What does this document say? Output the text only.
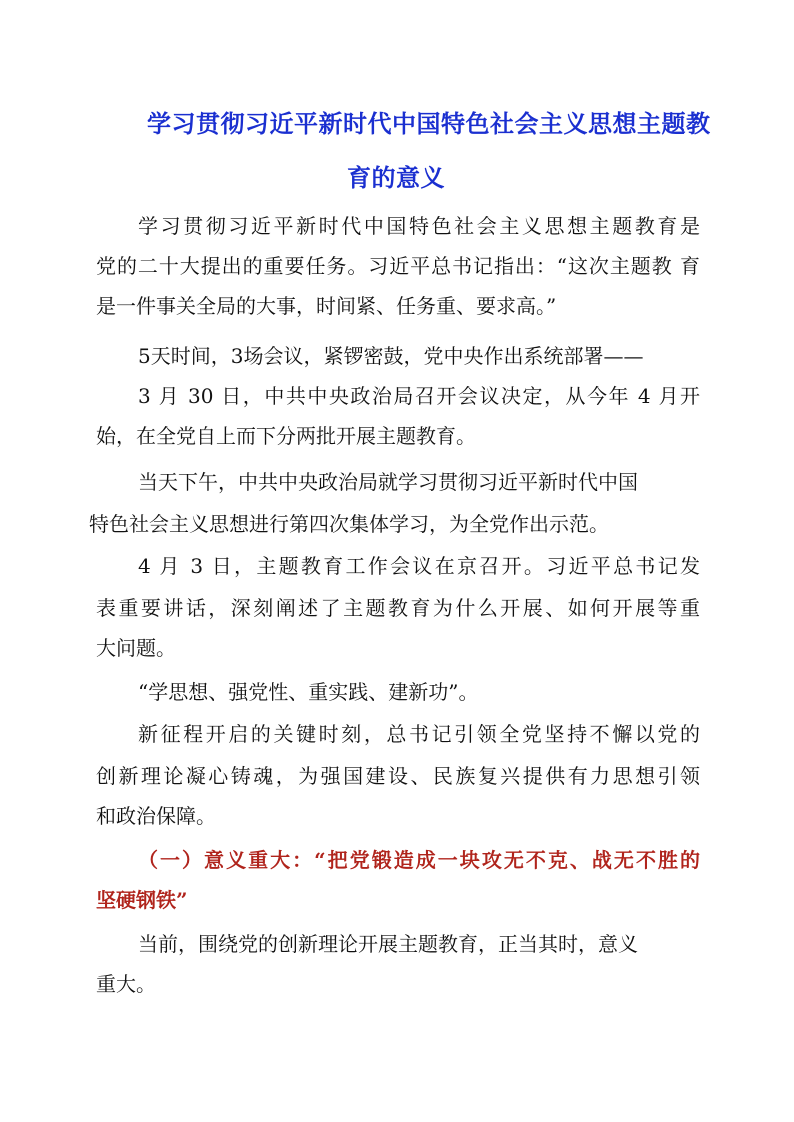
学习贯彻习近平新时代中国特色社会主义思想主题教
育的意义
学习贯彻习近平新时代中国特色社会主义思想主题教育是
党的二十大提出的重要任务。习近平总书记指出：“这次主题教 育
是一件事关全局的大事，时间紧、任务重、要求高。”
5天时间，3场会议，紧锣密鼓，党中央作出系统部署——
3 月 30 日，中共中央政治局召开会议决定，从今年 4 月开
始，在全党自上而下分两批开展主题教育。
当天下午，中共中央政治局就学习贯彻习近平新时代中国
特色社会主义思想进行第四次集体学习，为全党作出示范。
4 月 3 日，主题教育工作会议在京召开。习近平总书记发
表重要讲话，深刻阐述了主题教育为什么开展、如何开展等重
大问题。
“学思想、强党性、重实践、建新功”。
新征程开启的关键时刻，总书记引领全党坚持不懈以党的
创新理论凝心铸魂，为强国建设、民族复兴提供有力思想引领
和政治保障。
（一）意义重大：“把党锻造成一块攻无不克、战无不胜的
坚硬钢铁”
当前，围绕党的创新理论开展主题教育，正当其时，意义
重大。
